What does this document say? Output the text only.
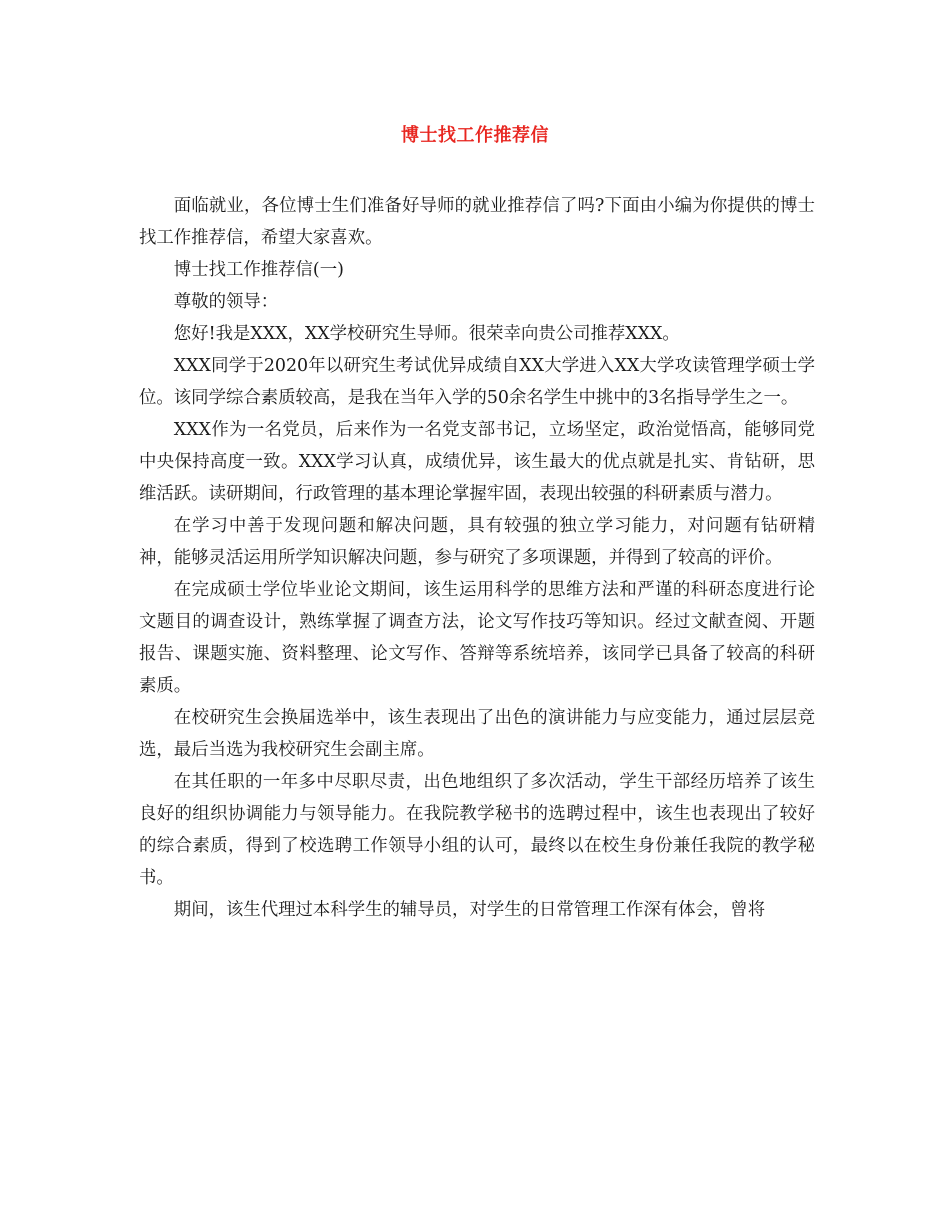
博士找工作推荐信

面临就业，各位博士生们准备好导师的就业推荐信了吗?下面由小编为你提供的博士找工作推荐信，希望大家喜欢。

博士找工作推荐信(一)

尊敬的领导：

您好!我是XXX，XX学校研究生导师。很荣幸向贵公司推荐XXX。

XXX同学于2020年以研究生考试优异成绩自XX大学进入XX大学攻读管理学硕士学位。该同学综合素质较高，是我在当年入学的50余名学生中挑中的3名指导学生之一。

XXX作为一名党员，后来作为一名党支部书记，立场坚定，政治觉悟高，能够同党中央保持高度一致。XXX学习认真，成绩优异，该生最大的优点就是扎实、肯钻研，思维活跃。读研期间，行政管理的基本理论掌握牢固，表现出较强的科研素质与潜力。

在学习中善于发现问题和解决问题，具有较强的独立学习能力，对问题有钻研精神，能够灵活运用所学知识解决问题，参与研究了多项课题，并得到了较高的评价。

在完成硕士学位毕业论文期间，该生运用科学的思维方法和严谨的科研态度进行论文题目的调查设计，熟练掌握了调查方法，论文写作技巧等知识。经过文献查阅、开题报告、课题实施、资料整理、论文写作、答辩等系统培养，该同学已具备了较高的科研素质。

在校研究生会换届选举中，该生表现出了出色的演讲能力与应变能力，通过层层竞选，最后当选为我校研究生会副主席。

在其任职的一年多中尽职尽责，出色地组织了多次活动，学生干部经历培养了该生良好的组织协调能力与领导能力。在我院教学秘书的选聘过程中，该生也表现出了较好的综合素质，得到了校选聘工作领导小组的认可，最终以在校生身份兼任我院的教学秘书。

期间，该生代理过本科学生的辅导员，对学生的日常管理工作深有体会，曾将
